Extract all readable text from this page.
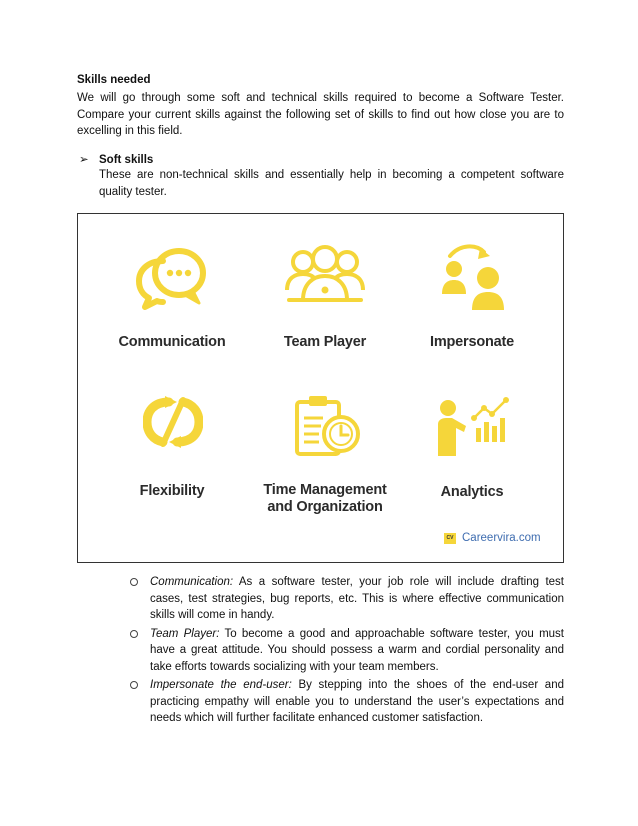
Skills needed
We will go through some soft and technical skills required to become a Software Tester. Compare your current skills against the following set of skills to find out how close you are to excelling in this field.
➢ Soft skills
These are non-technical skills and essentially help in becoming a competent software quality tester.
Communication	Team Player	Impersonate
Flexibility	Time Management
and Organization
Analytics
CV Careervira.com
Communication: As a software tester, your job role will include drafting test cases, test strategies, bug reports, etc. This is where effective communication skills will come in handy.
Team Player: To become a good and approachable software tester, you must have a great attitude. You should possess a warm and cordial personality and take efforts towards socializing with your team members.
Impersonate the end-user: By stepping into the shoes of the end-user and practicing empathy will enable you to understand the user’s expectations and needs which will further facilitate enhanced customer satisfaction.
